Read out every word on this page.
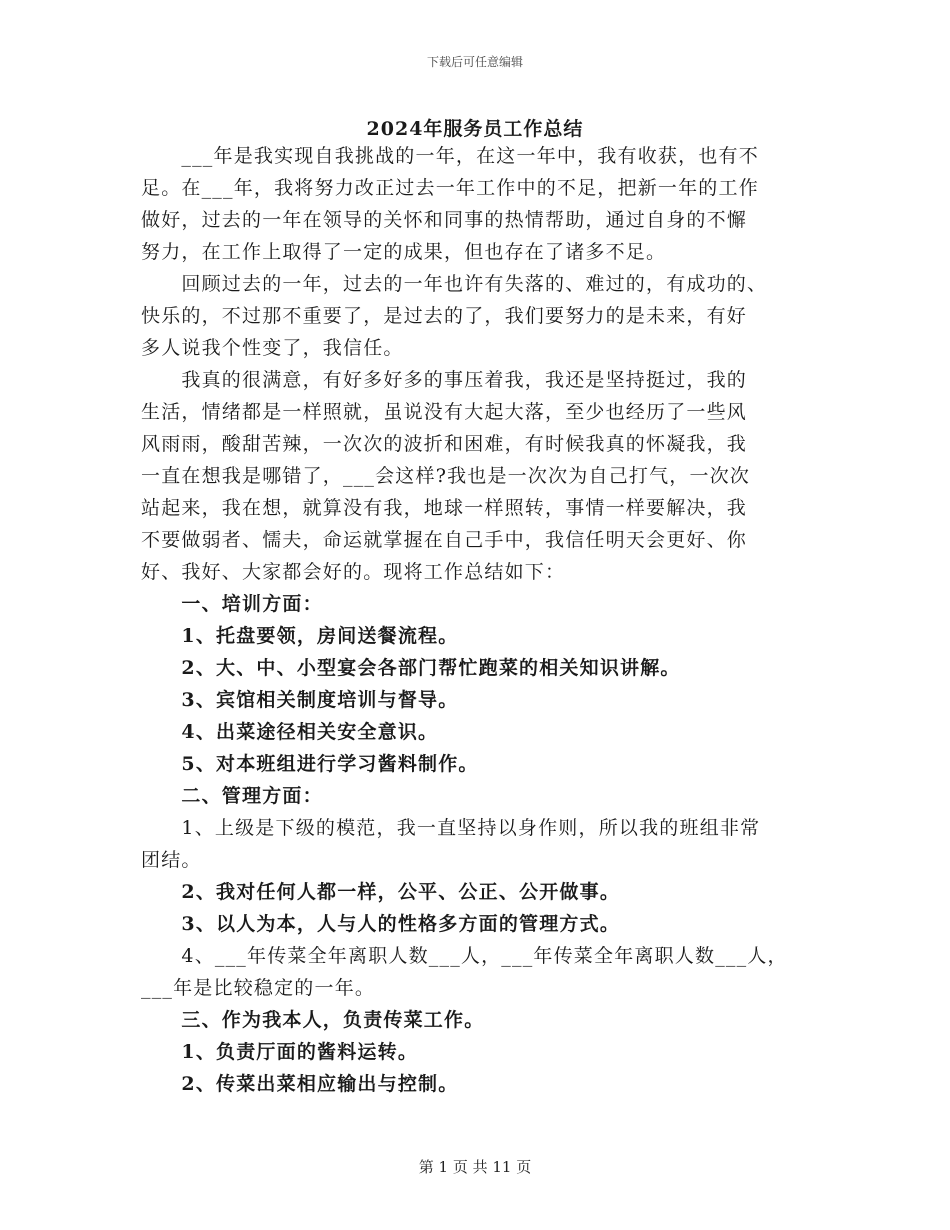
下载后可任意编辑
2024年服务员工作总结
　　___年是我实现自我挑战的一年，在这一年中，我有收获，也有不
足。在___年，我将努力改正过去一年工作中的不足，把新一年的工作
做好，过去的一年在领导的关怀和同事的热情帮助，通过自身的不懈
努力，在工作上取得了一定的成果，但也存在了诸多不足。
　　回顾过去的一年，过去的一年也许有失落的、难过的，有成功的、
快乐的，不过那不重要了，是过去的了，我们要努力的是未来，有好
多人说我个性变了，我信任。
　　我真的很满意，有好多好多的事压着我，我还是坚持挺过，我的
生活，情绪都是一样照就，虽说没有大起大落，至少也经历了一些风
风雨雨，酸甜苦辣，一次次的波折和困难，有时候我真的怀凝我，我
一直在想我是哪错了，___会这样?我也是一次次为自己打气，一次次
站起来，我在想，就算没有我，地球一样照转，事情一样要解决，我
不要做弱者、懦夫，命运就掌握在自己手中，我信任明天会更好、你
好、我好、大家都会好的。现将工作总结如下：
　　一、培训方面：
　　1、托盘要领，房间送餐流程。
　　2、大、中、小型宴会各部门帮忙跑菜的相关知识讲解。
　　3、宾馆相关制度培训与督导。
　　4、出菜途径相关安全意识。
　　5、对本班组进行学习酱料制作。
　　二、管理方面：
　　1、上级是下级的模范，我一直坚持以身作则，所以我的班组非常
团结。
　　2、我对任何人都一样，公平、公正、公开做事。
　　3、以人为本，人与人的性格多方面的管理方式。
　　4、___年传菜全年离职人数___人，___年传菜全年离职人数___人，
___年是比较稳定的一年。
　　三、作为我本人，负责传菜工作。
　　1、负责厅面的酱料运转。
　　2、传菜出菜相应输出与控制。
第 1 页 共 11 页
